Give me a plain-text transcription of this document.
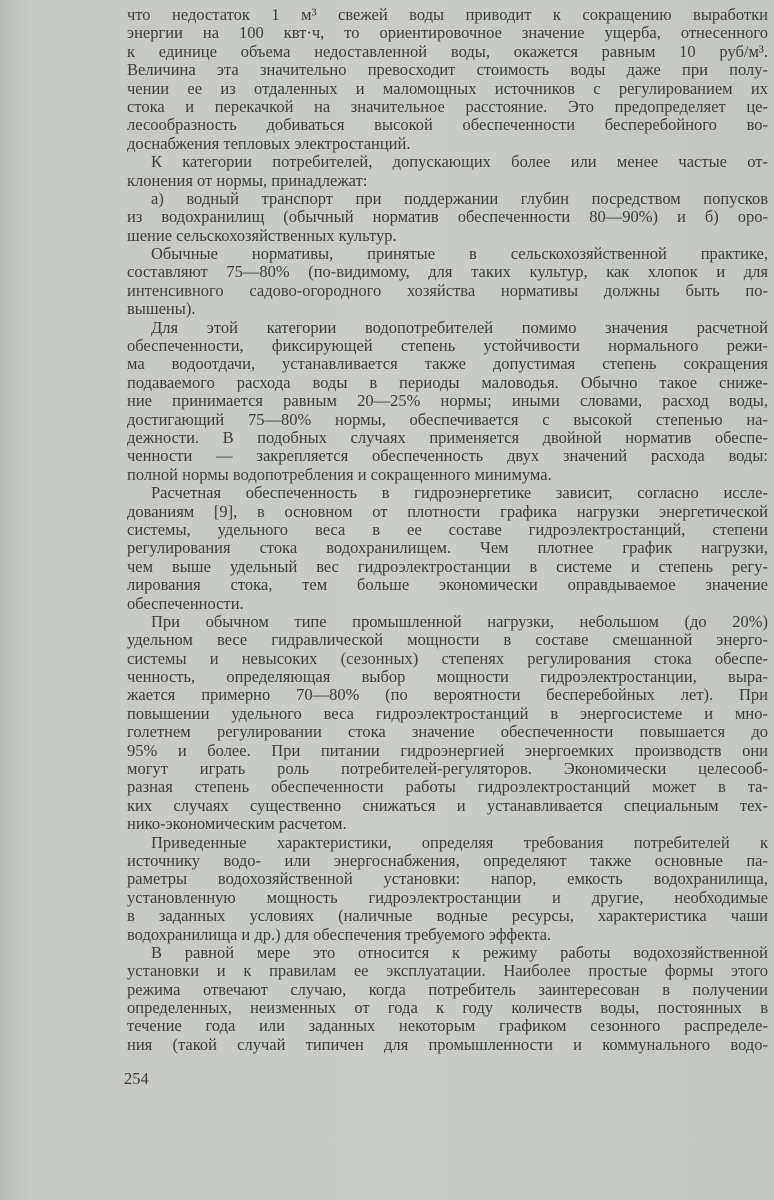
что недостаток 1 м³ свежей воды приводит к сокращению выработки
энергии на 100 квт·ч, то ориентировочное значение ущерба, отнесенного
к единице объема недоставленной воды, окажется равным 10 руб/м³.
Величина эта значительно превосходит стоимость воды даже при полу-
чении ее из отдаленных и маломощных источников с регулированием их
стока и перекачкой на значительное расстояние. Это предопределяет це-
лесообразность добиваться высокой обеспеченности бесперебойного во-
доснабжения тепловых электростанций.
К категории потребителей, допускающих более или менее частые от-
клонения от нормы, принадлежат:
а) водный транспорт при поддержании глубин посредством попусков
из водохранилищ (обычный норматив обеспеченности 80—90%) и б) оро-
шение сельскохозяйственных культур.
Обычные нормативы, принятые в сельскохозяйственной практике,
составляют 75—80% (по-видимому, для таких культур, как хлопок и для
интенсивного садово-огородного хозяйства нормативы должны быть по-
вышены).
Для этой категории водопотребителей помимо значения расчетной
обеспеченности, фиксирующей степень устойчивости нормального режи-
ма водоотдачи, устанавливается также допустимая степень сокращения
подаваемого расхода воды в периоды маловодья. Обычно такое сниже-
ние принимается равным 20—25% нормы; иными словами, расход воды,
достигающий 75—80% нормы, обеспечивается с высокой степенью на-
дежности. В подобных случаях применяется двойной норматив обеспе-
ченности — закрепляется обеспеченность двух значений расхода воды:
полной нормы водопотребления и сокращенного минимума.
Расчетная обеспеченность в гидроэнергетике зависит, согласно иссле-
дованиям [9], в основном от плотности графика нагрузки энергетической
системы, удельного веса в ее составе гидроэлектростанций, степени
регулирования стока водохранилищем. Чем плотнее график нагрузки,
чем выше удельный вес гидроэлектростанции в системе и степень регу-
лирования стока, тем больше экономически оправдываемое значение
обеспеченности.
При обычном типе промышленной нагрузки, небольшом (до 20%)
удельном весе гидравлической мощности в составе смешанной энерго-
системы и невысоких (сезонных) степенях регулирования стока обеспе-
ченность, определяющая выбор мощности гидроэлектростанции, выра-
жается примерно 70—80% (по вероятности бесперебойных лет). При
повышении удельного веса гидроэлектростанций в энергосистеме и мно-
голетнем регулировании стока значение обеспеченности повышается до
95% и более. При питании гидроэнергией энергоемких производств они
могут играть роль потребителей-регуляторов. Экономически целесооб-
разная степень обеспеченности работы гидроэлектростанций может в та-
ких случаях существенно снижаться и устанавливается специальным тех-
нико-экономическим расчетом.
Приведенные характеристики, определяя требования потребителей к
источнику водо- или энергоснабжения, определяют также основные па-
раметры водохозяйственной установки: напор, емкость водохранилища,
установленную мощность гидроэлектростанции и другие, необходимые
в заданных условиях (наличные водные ресурсы, характеристика чаши
водохранилища и др.) для обеспечения требуемого эффекта.
В равной мере это относится к режиму работы водохозяйственной
установки и к правилам ее эксплуатации. Наиболее простые формы этого
режима отвечают случаю, когда потребитель заинтересован в получении
определенных, неизменных от года к году количеств воды, постоянных в
течение года или заданных некоторым графиком сезонного распределе-
ния (такой случай типичен для промышленности и коммунального водо-
254
